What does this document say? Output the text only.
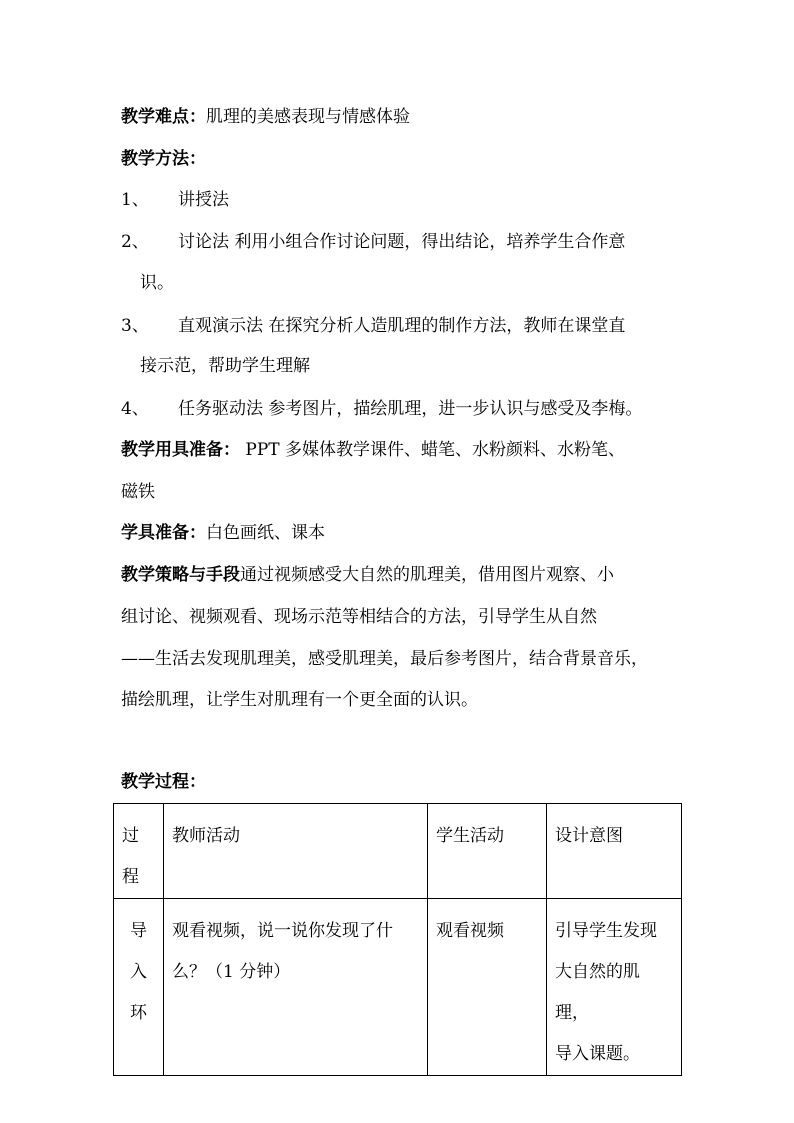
教学难点：肌理的美感表现与情感体验
教学方法：
1、 讲授法
2、 讨论法 利用小组合作讨论问题，得出结论，培养学生合作意
识。
3、 直观演示法 在探究分析人造肌理的制作方法，教师在课堂直
接示范，帮助学生理解
4、 任务驱动法 参考图片，描绘肌理，进一步认识与感受及李梅。
教学用具准备： PPT 多媒体教学课件、蜡笔、水粉颜料、水粉笔、
磁铁
学具准备：白色画纸、课本
教学策略与手段通过视频感受大自然的肌理美，借用图片观察、小
组讨论、视频观看、现场示范等相结合的方法，引导学生从自然
——生活去发现肌理美，感受肌理美，最后参考图片，结合背景音乐，
描绘肌理，让学生对肌理有一个更全面的认识。
教学过程：
过
程	教师活动	学生活动	设计意图

导
入
环	观看视频，说一说你发现了什
么？（1 分钟）	观看视频	引导学生发现
大自然的肌理，
导入课题。
